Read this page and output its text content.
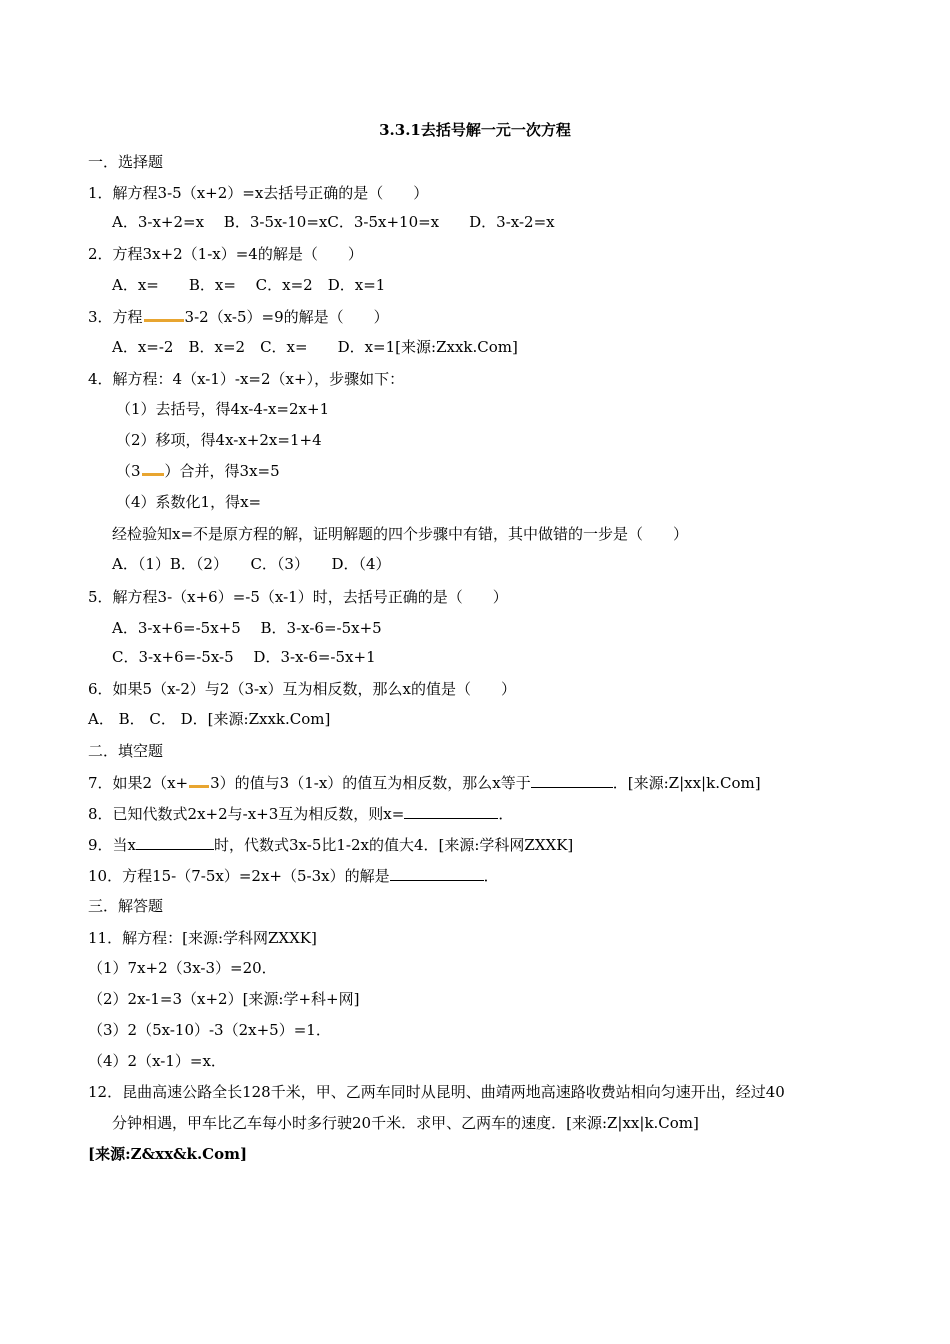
3.3.1去括号解一元一次方程
一．选择题
1．解方程3-5（x+2）=x去括号正确的是（　　）
A．3-x+2=x　 B．3-5x-10=xC．3-5x+10=x　　D．3-x-2=x
2．方程3x+2（1-x）=4的解是（　　）
A．x=　　B．x=　 C．x=2　D．x=1
3．方程	3-2（x-5）=9的解是（　　）
A．x=-2　B．x=2　C．x=　　D．x=1[来源:Zxxk.Com]
4．解方程：4（x-1）-x=2（x+），步骤如下：
（1）去括号，得4x-4-x=2x+1
（2）移项，得4x-x+2x=1+4
（3 ）合并，得3x=5
（4）系数化1，得x=
经检验知x=不是原方程的解，证明解题的四个步骤中有错，其中做错的一步是（　　）
A．（1）B．（2）　　C．（3）　　D．（4）
5．解方程3-（x+6）=-5（x-1）时，去括号正确的是（　　）
A．3-x+6=-5x+5　 B．3-x-6=-5x+5
C．3-x+6=-5x-5　 D．3-x-6=-5x+1
6．如果5（x-2）与2（3-x）互为相反数，那么x的值是（　　）
A． B． C． D．[来源:Zxxk.Com]
二．填空题
7．如果2（x+ 3）的值与3（1-x）的值互为相反数，那么x等于	．[来源:Z|xx|k.Com]
8．已知代数式2x+2与-x+3互为相反数，则x=	．
9．当x	时，代数式3x-5比1-2x的值大4．[来源:学科网ZXXK]
10．方程15-（7-5x）=2x+（5-3x）的解是	．
三．解答题
11．解方程：[来源:学科网ZXXK]
（1）7x+2（3x-3）=20．
（2）2x-1=3（x+2）[来源:学+科+网]
（3）2（5x-10）-3（2x+5）=1．
（4）2（x-1）=x．
12．昆曲高速公路全长128千米，甲、乙两车同时从昆明、曲靖两地高速路收费站相向匀速开出，经过40
分钟相遇，甲车比乙车每小时多行驶20千米．求甲、乙两车的速度．[来源:Z|xx|k.Com]
[来源:Z&xx&k.Com]
